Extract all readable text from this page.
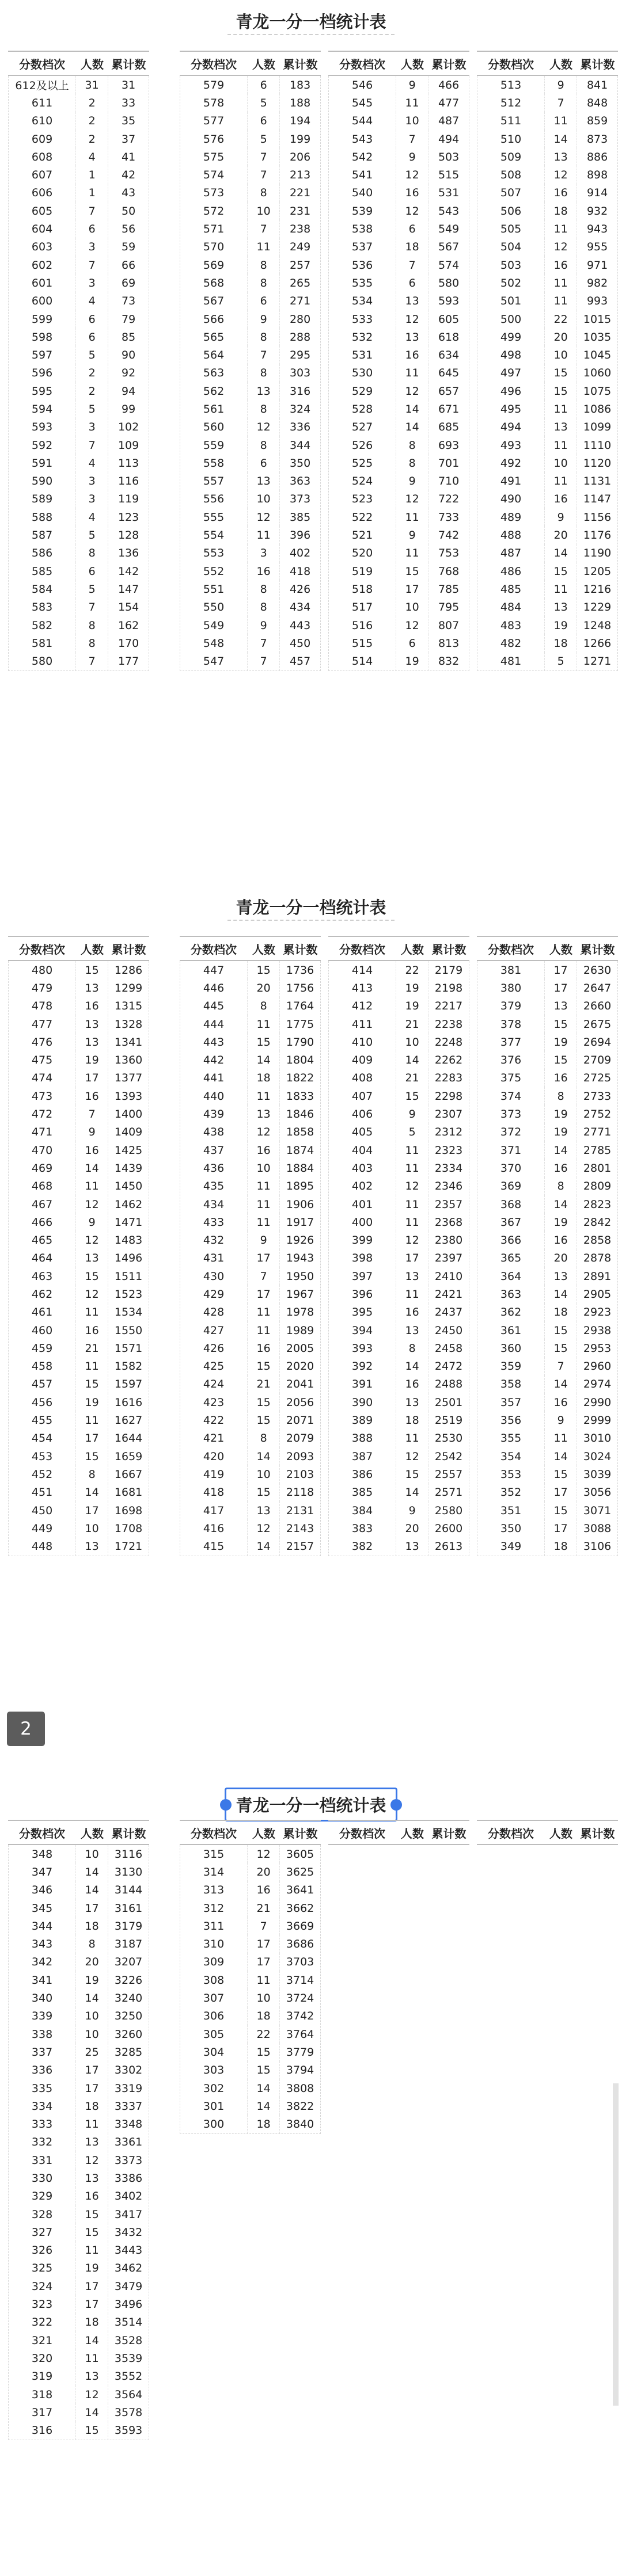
青龙一分一档统计表
分数档次	人数 累计数
612及以上	31	31
611	2	33
610	2	35
609	2	37
608	4	41
607	1	42
606	1	43
605	7	50
604	6	56
603	3	59
602	7	66
601	3	69
600	4	73
599	6	79
598	6	85
597	5	90
596	2	92
595	2	94
594	5	99
593	3	102
592	7	109
591	4	113
590	3	116
589	3	119
588	4	123
587	5	128
586	8	136
585	6	142
584	5	147
583	7	154
582	8	162
581	8	170
580	7	177
分数档次	人数 累计数
579	6	183
578	5	188
577	6	194
576	5	199
575	7	206
574	7	213
573	8	221
572	10	231
571	7	238
570	11	249
569	8	257
568	8	265
567	6	271
566	9	280
565	8	288
564	7	295
563	8	303
562	13	316
561	8	324
560	12	336
559	8	344
558	6	350
557	13	363
556	10	373
555	12	385
554	11	396
553	3	402
552	16	418
551	8	426
550	8	434
549	9	443
548	7	450
547	7	457
分数档次	人数 累计数
546	9	466
545	11	477
544	10	487
543	7	494
542	9	503
541	12	515
540	16	531
539	12	543
538	6	549
537	18	567
536	7	574
535	6	580
534	13	593
533	12	605
532	13	618
531	16	634
530	11	645
529	12	657
528	14	671
527	14	685
526	8	693
525	8	701
524	9	710
523	12	722
522	11	733
521	9	742
520	11	753
519	15	768
518	17	785
517	10	795
516	12	807
515	6	813
514	19	832
分数档次	人数 累计数
513	9	841
512	7	848
511	11	859
510	14	873
509	13	886
508	12	898
507	16	914
506	18	932
505	11	943
504	12	955
503	16	971
502	11	982
501	11	993
500	22	1015
499	20	1035
498	10	1045
497	15	1060
496	15	1075
495	11	1086
494	13	1099
493	11	1110
492	10	1120
491	11	1131
490	16	1147
489	9	1156
488	20	1176
487	14	1190
486	15	1205
485	11	1216
484	13	1229
483	19	1248
482	18	1266
481	5	1271
青龙一分一档统计表
分数档次	人数 累计数
480	15	1286
479	13	1299
478	16	1315
477	13	1328
476	13	1341
475	19	1360
474	17	1377
473	16	1393
472	7	1400
471	9	1409
470	16	1425
469	14	1439
468	11	1450
467	12	1462
466	9	1471
465	12	1483
464	13	1496
463	15	1511
462	12	1523
461	11	1534
460	16	1550
459	21	1571
458	11	1582
457	15	1597
456	19	1616
455	11	1627
454	17	1644
453	15	1659
452	8	1667
451	14	1681
450	17	1698
449	10	1708
448	13	1721
分数档次	人数 累计数
447	15	1736
446	20	1756
445	8	1764
444	11	1775
443	15	1790
442	14	1804
441	18	1822
440	11	1833
439	13	1846
438	12	1858
437	16	1874
436	10	1884
435	11	1895
434	11	1906
433	11	1917
432	9	1926
431	17	1943
430	7	1950
429	17	1967
428	11	1978
427	11	1989
426	16	2005
425	15	2020
424	21	2041
423	15	2056
422	15	2071
421	8	2079
420	14	2093
419	10	2103
418	15	2118
417	13	2131
416	12	2143
415	14	2157
分数档次	人数 累计数
414	22	2179
413	19	2198
412	19	2217
411	21	2238
410	10	2248
409	14	2262
408	21	2283
407	15	2298
406	9	2307
405	5	2312
404	11	2323
403	11	2334
402	12	2346
401	11	2357
400	11	2368
399	12	2380
398	17	2397
397	13	2410
396	11	2421
395	16	2437
394	13	2450
393	8	2458
392	14	2472
391	16	2488
390	13	2501
389	18	2519
388	11	2530
387	12	2542
386	15	2557
385	14	2571
384	9	2580
383	20	2600
382	13	2613
分数档次	人数 累计数
381	17	2630
380	17	2647
379	13	2660
378	15	2675
377	19	2694
376	15	2709
375	16	2725
374	8	2733
373	19	2752
372	19	2771
371	14	2785
370	16	2801
369	8	2809
368	14	2823
367	19	2842
366	16	2858
365	20	2878
364	13	2891
363	14	2905
362	18	2923
361	15	2938
360	15	2953
359	7	2960
358	14	2974
357	16	2990
356	9	2999
355	11	3010
354	14	3024
353	15	3039
352	17	3056
351	15	3071
350	17	3088
349	18	3106
青龙一分一档统计表
分数档次	人数 累计数
348	10	3116
347	14	3130
346	14	3144
345	17	3161
344	18	3179
343	8	3187
342	20	3207
341	19	3226
340	14	3240
339	10	3250
338	10	3260
337	25	3285
336	17	3302
335	17	3319
334	18	3337
333	11	3348
332	13	3361
331	12	3373
330	13	3386
329	16	3402
328	15	3417
327	15	3432
326	11	3443
325	19	3462
324	17	3479
323	17	3496
322	18	3514
321	14	3528
320	11	3539
319	13	3552
318	12	3564
317	14	3578
316	15	3593
分数档次	人数 累计数
315	12	3605
314	20	3625
313	16	3641
312	21	3662
311	7	3669
310	17	3686
309	17	3703
308	11	3714
307	10	3724
306	18	3742
305	22	3764
304	15	3779
303	15	3794
302	14	3808
301	14	3822
300	18	3840
分数档次	人数 累计数	分数档次	人数 累计数
2
